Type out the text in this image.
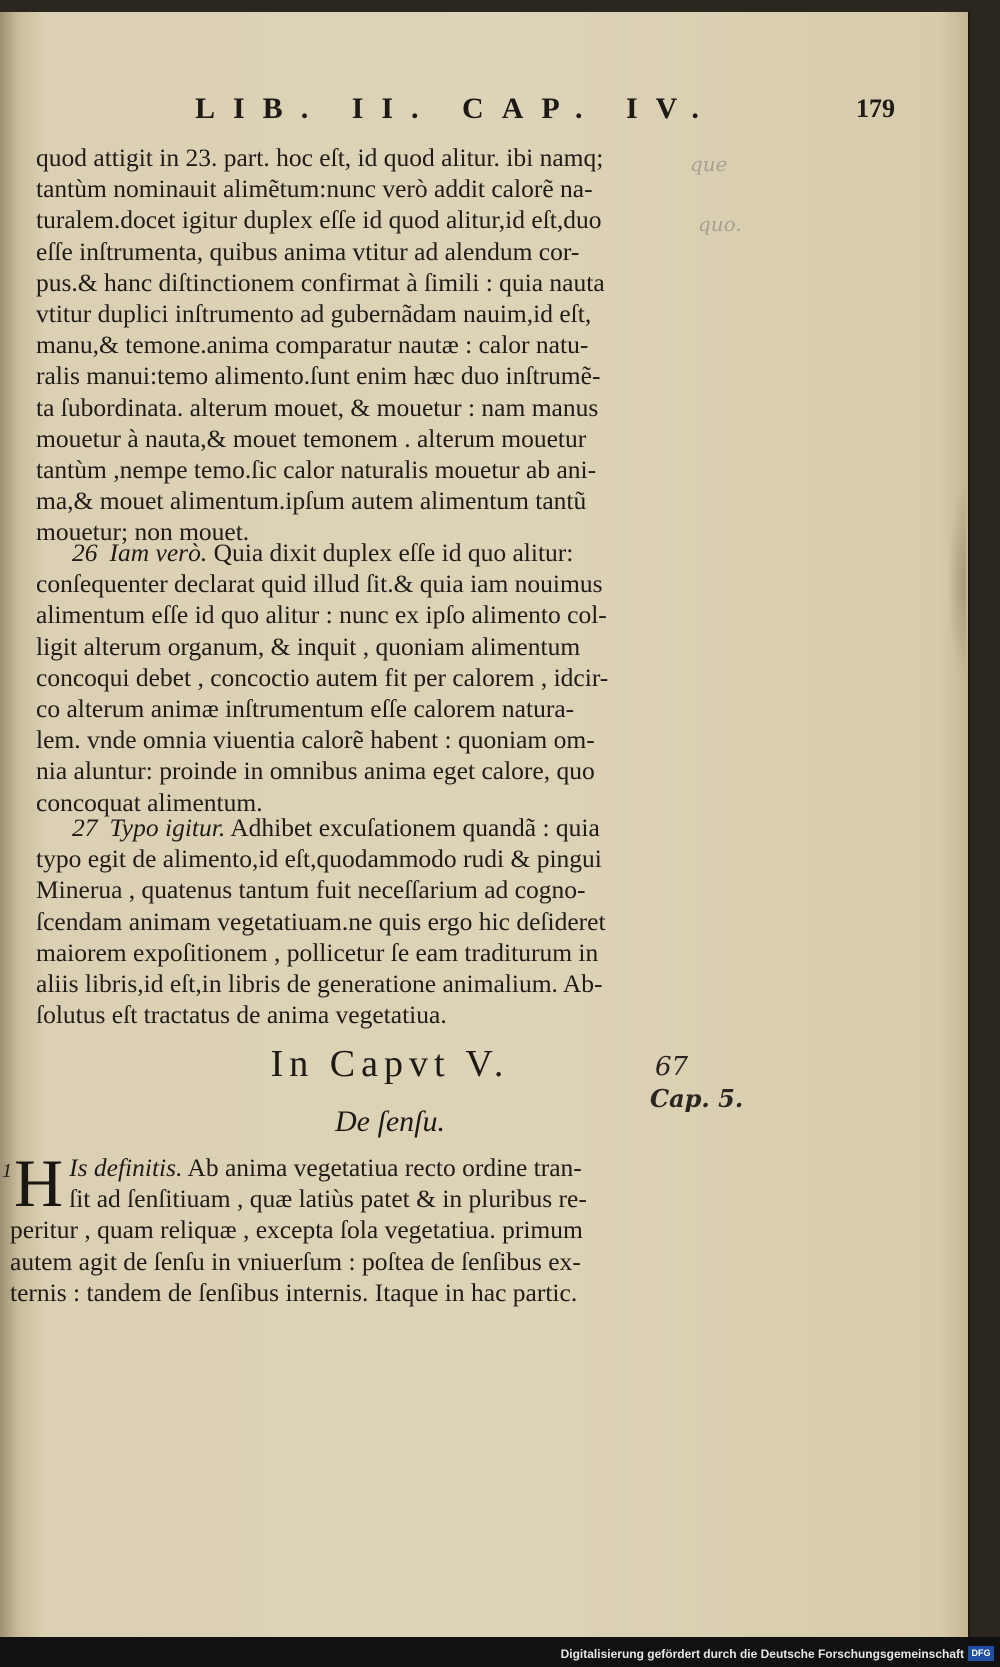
LIB. II. CAP. IV.	179
que
quo.
quod attigit in 23. part. hoc eſt, id quod alitur. ibi namq;
tantùm nominauit alimẽtum:nunc verò addit calorẽ na-
turalem.docet igitur duplex eſſe id quod alitur,id eſt,duo
eſſe inſtrumenta, quibus anima vtitur ad alendum cor-
pus.& hanc diſtinctionem confirmat à ſimili : quia nauta
vtitur duplici inſtrumento ad gubernãdam nauim,id eſt,
manu,& temone.anima comparatur nautæ : calor natu-
ralis manui:temo alimento.ſunt enim hæc duo inſtrumẽ-
ta ſubordinata. alterum mouet, & mouetur : nam manus
mouetur à nauta,& mouet temonem . alterum mouetur
tantùm ,nempe temo.ſic calor naturalis mouetur ab ani-
ma,& mouet alimentum.ipſum autem alimentum tantũ
mouetur; non mouet.
26 Iam verò. Quia dixit duplex eſſe id quo alitur:
conſequenter declarat quid illud ſit.& quia iam nouimus
alimentum eſſe id quo alitur : nunc ex ipſo alimento col-
ligit alterum organum, & inquit , quoniam alimentum
concoqui debet , concoctio autem fit per calorem , idcir-
co alterum animæ inſtrumentum eſſe calorem natura-
lem. vnde omnia viuentia calorẽ habent : quoniam om-
nia aluntur: proinde in omnibus anima eget calore, quo
concoquat alimentum.
27 Typo igitur. Adhibet excuſationem quandã : quia
typo egit de alimento,id eſt,quodammodo rudi & pingui
Minerua , quatenus tantum fuit neceſſarium ad cogno-
ſcendam animam vegetatiuam.ne quis ergo hic deſideret
maiorem expoſitionem , pollicetur ſe eam traditurum in
aliis libris,id eſt,in libris de generatione animalium. Ab-
ſolutus eſt tractatus de anima vegetatiua.
In Capvt V.
De ſenſu.
67
Cap. 5.
H Is definitis. Ab anima vegetatiua recto ordine tran-
ſit ad ſenſitiuam , quæ latiùs patet & in pluribus re-
peritur , quam reliquæ , excepta ſola vegetatiua. primum
autem agit de ſenſu in vniuerſum : poſtea de ſenſibus ex-
ternis : tandem de ſenſibus internis. Itaque in hac partic.
1
Digitalisierung gefördert durch die Deutsche Forschungsgemeinschaft DFG
